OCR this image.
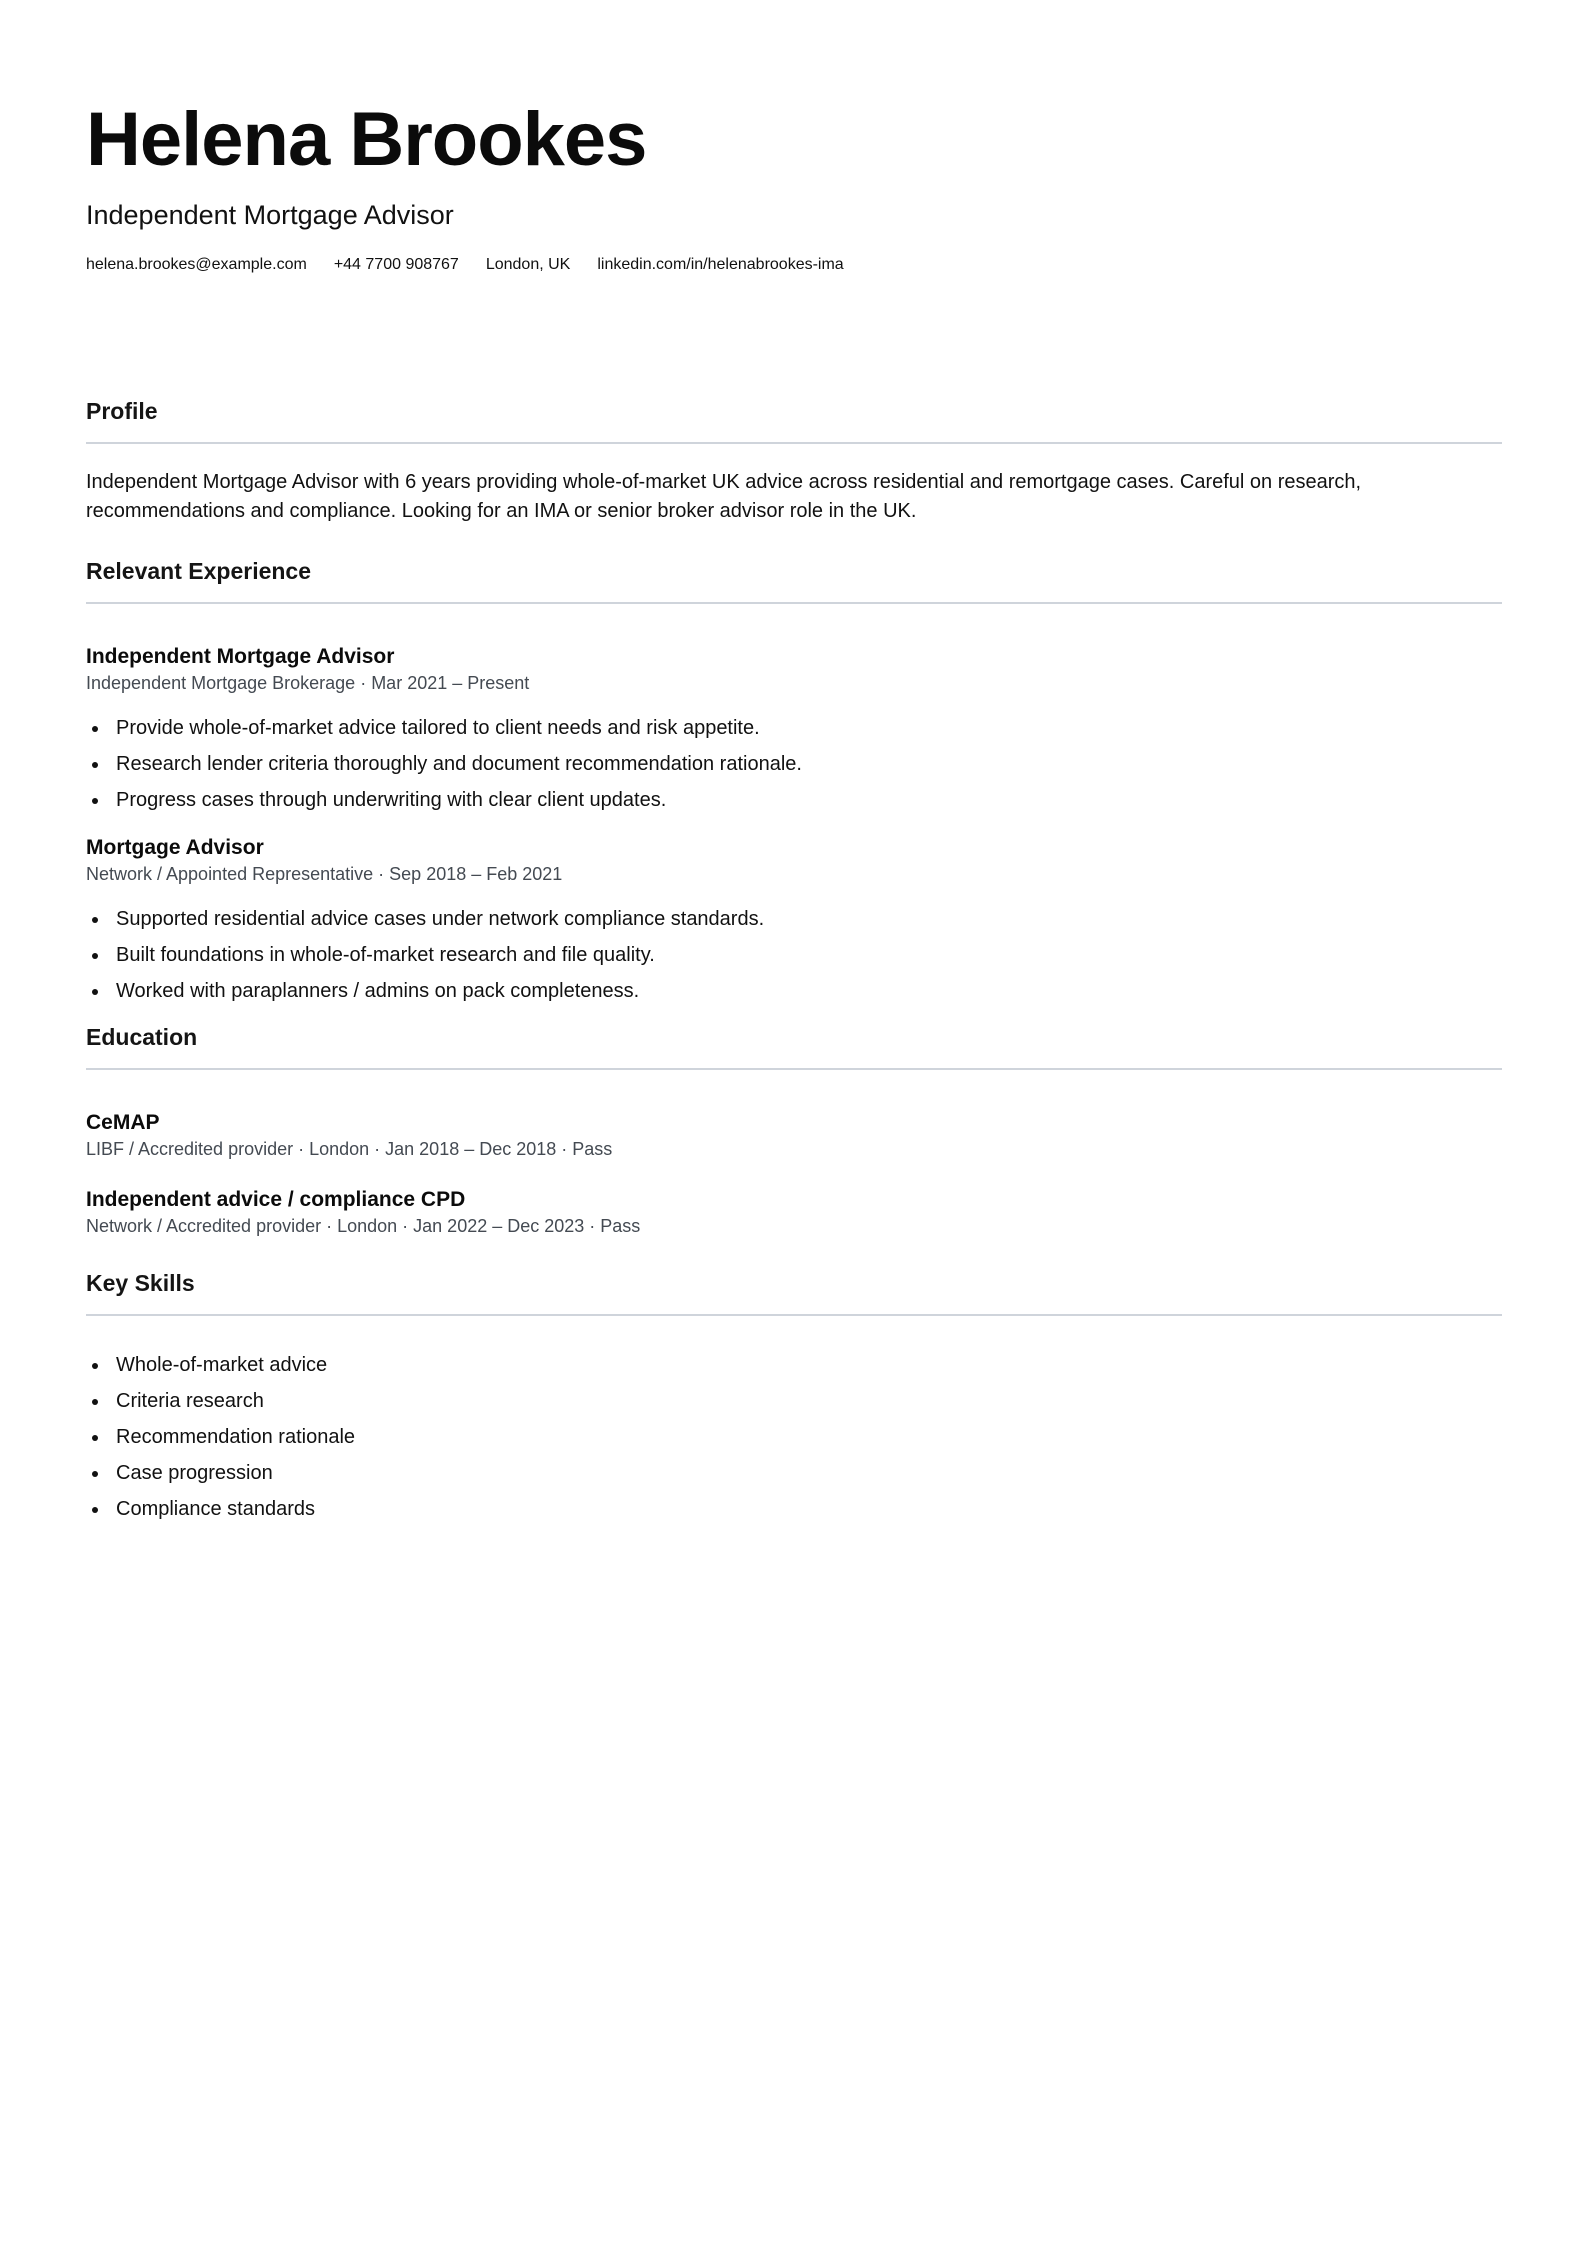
Helena Brookes
Independent Mortgage Advisor
helena.brookes@example.com +44 7700 908767 London, UK linkedin.com/in/helenabrookes-ima
Profile
Independent Mortgage Advisor with 6 years providing whole-of-market UK advice across residential and remortgage cases. Careful on research, recommendations and compliance. Looking for an IMA or senior broker advisor role in the UK.
Relevant Experience
Independent Mortgage Advisor
Independent Mortgage Brokerage · Mar 2021 – Present
Provide whole-of-market advice tailored to client needs and risk appetite.
Research lender criteria thoroughly and document recommendation rationale.
Progress cases through underwriting with clear client updates.
Mortgage Advisor
Network / Appointed Representative · Sep 2018 – Feb 2021
Supported residential advice cases under network compliance standards.
Built foundations in whole-of-market research and file quality.
Worked with paraplanners / admins on pack completeness.
Education
CeMAP
LIBF / Accredited provider · London · Jan 2018 – Dec 2018 · Pass
Independent advice / compliance CPD
Network / Accredited provider · London · Jan 2022 – Dec 2023 · Pass
Key Skills
Whole-of-market advice
Criteria research
Recommendation rationale
Case progression
Compliance standards
